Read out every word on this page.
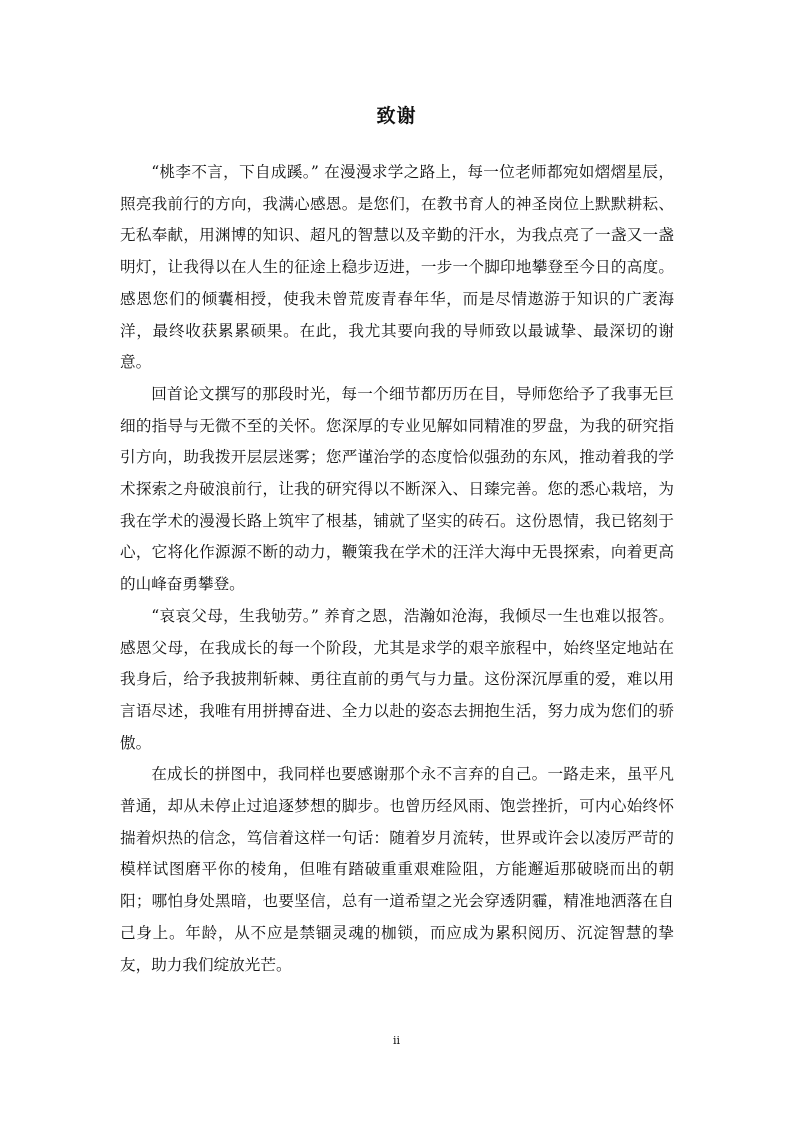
致谢

“桃李不言，下自成蹊。” 在漫漫求学之路上，每一位老师都宛如熠熠星辰，照亮我前行的方向，我满心感恩。是您们，在教书育人的神圣岗位上默默耕耘、无私奉献，用渊博的知识、超凡的智慧以及辛勤的汗水，为我点亮了一盏又一盏明灯，让我得以在人生的征途上稳步迈进，一步一个脚印地攀登至今日的高度。感恩您们的倾囊相授，使我未曾荒废青春年华，而是尽情遨游于知识的广袤海洋，最终收获累累硕果。在此，我尤其要向我的导师致以最诚挚、最深切的谢意。

回首论文撰写的那段时光，每一个细节都历历在目，导师您给予了我事无巨细的指导与无微不至的关怀。您深厚的专业见解如同精准的罗盘，为我的研究指引方向，助我拨开层层迷雾；您严谨治学的态度恰似强劲的东风，推动着我的学术探索之舟破浪前行，让我的研究得以不断深入、日臻完善。您的悉心栽培，为我在学术的漫漫长路上筑牢了根基，铺就了坚实的砖石。这份恩情，我已铭刻于心，它将化作源源不断的动力，鞭策我在学术的汪洋大海中无畏探索，向着更高的山峰奋勇攀登。

“哀哀父母，生我劬劳。” 养育之恩，浩瀚如沧海，我倾尽一生也难以报答。感恩父母，在我成长的每一个阶段，尤其是求学的艰辛旅程中，始终坚定地站在我身后，给予我披荆斩棘、勇往直前的勇气与力量。这份深沉厚重的爱，难以用言语尽述，我唯有用拼搏奋进、全力以赴的姿态去拥抱生活，努力成为您们的骄傲。

在成长的拼图中，我同样也要感谢那个永不言弃的自己。一路走来，虽平凡普通，却从未停止过追逐梦想的脚步。也曾历经风雨、饱尝挫折，可内心始终怀揣着炽热的信念，笃信着这样一句话：随着岁月流转，世界或许会以凌厉严苛的模样试图磨平你的棱角，但唯有踏破重重艰难险阻，方能邂逅那破晓而出的朝阳；哪怕身处黑暗，也要坚信，总有一道希望之光会穿透阴霾，精准地洒落在自己身上。年龄，从不应是禁锢灵魂的枷锁，而应成为累积阅历、沉淀智慧的挚友，助力我们绽放光芒。

ii
